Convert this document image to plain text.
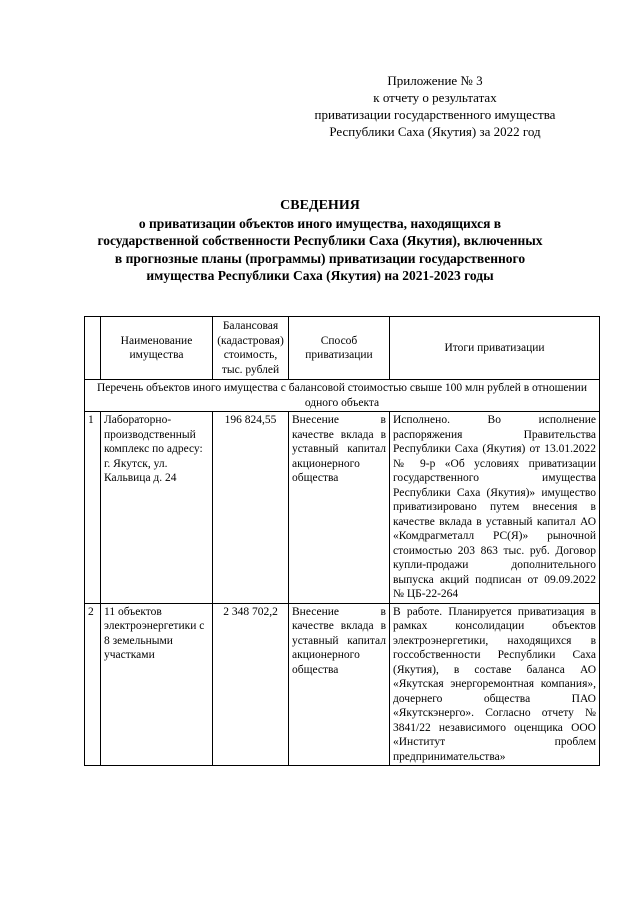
Приложение № 3
к отчету о результатах
приватизации государственного имущества
Республики Саха (Якутия) за 2022 год
СВЕДЕНИЯ
о приватизации объектов иного имущества, находящихся в
государственной собственности Республики Саха (Якутия), включенных
в прогнозные планы (программы) приватизации государственного
имущества Республики Саха (Якутия) на 2021-2023 годы
	Наименование имущества	Балансовая (кадастровая) стоимость, тыс. рублей	Способ приватизации	Итоги приватизации
Перечень объектов иного имущества с балансовой стоимостью свыше 100 млн рублей в отношении одного объекта				
1	Лабораторно-производственный комплекс по адресу: г. Якутск, ул. Кальвица д. 24	196 824,55	Внесение в качестве вклада в уставный капитал акционерного общества	Исполнено. Во исполнение распоряжения Правительства Республики Саха (Якутия) от 13.01.2022 № 9-р «Об условиях приватизации государственного имущества Республики Саха (Якутия)» имущество приватизировано путем внесения в качестве вклада в уставный капитал АО «Комдрагметалл РС(Я)» рыночной стоимостью 203 863 тыс. руб. Договор купли-продажи дополнительного выпуска акций подписан от 09.09.2022 № ЦБ-22-264
2	11 объектов электроэнергетики с 8 земельными участками	2 348 702,2	Внесение в качестве вклада в уставный капитал акционерного общества	В работе. Планируется приватизация в рамках консолидации объектов электроэнергетики, находящихся в госсобственности Республики Саха (Якутия), в составе баланса АО «Якутская энергоремонтная компания», дочернего общества ПАО «Якутскэнерго». Согласно отчету № 3841/22 независимого оценщика ООО «Институт проблем предпринимательства»
